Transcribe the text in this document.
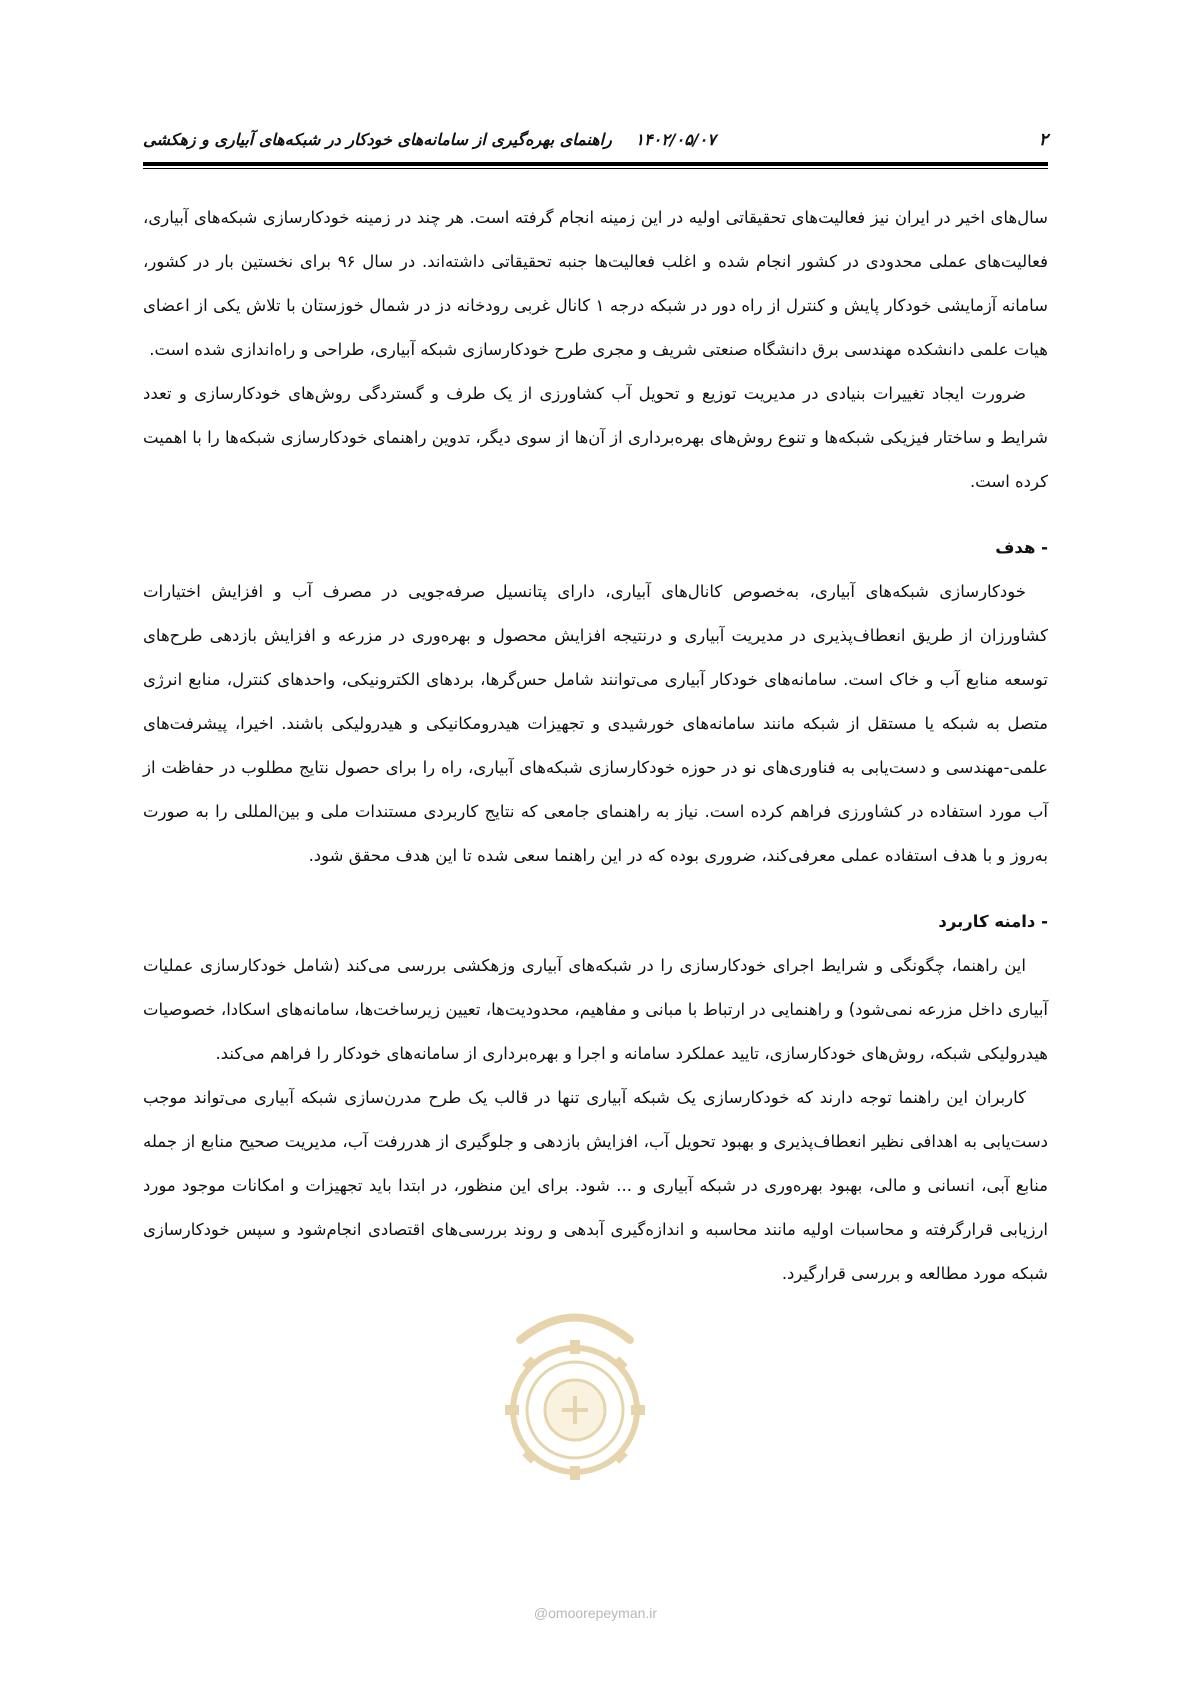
۲
۱۴۰۲/۰۵/۰۷ راهنمای بهره‌گیری از سامانه‌های خودکار در شبکه‌های آبیاری و زهکشی

سال‌های اخیر در ایران نیز فعالیت‌های تحقیقاتی اولیه در این زمینه انجام گرفته است. هر چند در زمینه خودکارسازی شبکه‌های آبیاری، فعالیت‌های عملی محدودی در کشور انجام شده و اغلب فعالیت‌ها جنبه تحقیقاتی داشته‌اند. در سال ۹۶ برای نخستین بار در کشور، سامانه آزمایشی خودکار پایش و کنترل از راه دور در شبکه درجه ۱ کانال غربی رودخانه دز در شمال خوزستان با تلاش یکی از اعضای هیات علمی دانشکده مهندسی برق دانشگاه صنعتی شریف و مجری طرح خودکارسازی شبکه آبیاری، طراحی و راه‌اندازی شده است.

ضرورت ایجاد تغییرات بنیادی در مدیریت توزیع و تحویل آب کشاورزی از یک طرف و گستردگی روش‌های خودکارسازی و تعدد شرایط و ساختار فیزیکی شبکه‌ها و تنوع روش‌های بهره‌برداری از آن‌ها از سوی دیگر، تدوین راهنمای خودکارسازی شبکه‌ها را با اهمیت کرده است.

- هدف

خودکارسازی شبکه‌های آبیاری، به‌خصوص کانال‌های آبیاری، دارای پتانسیل صرفه‌جویی در مصرف آب و افزایش اختیارات کشاورزان از طریق انعطاف‌پذیری در مدیریت آبیاری و درنتیجه افزایش محصول و بهره‌وری در مزرعه و افزایش بازدهی طرح‌های توسعه منابع آب و خاک است. سامانه‌های خودکار آبیاری می‌توانند شامل حس‌گرها، بردهای الکترونیکی، واحدهای کنترل، منابع انرژی متصل به شبکه یا مستقل از شبکه مانند سامانه‌های خورشیدی و تجهیزات هیدرومکانیکی و هیدرولیکی باشند. اخیرا، پیشرفت‌های علمی-مهندسی و دست‌یابی به فناوری‌های نو در حوزه خودکارسازی شبکه‌های آبیاری، راه را برای حصول نتایج مطلوب در حفاظت از آب مورد استفاده در کشاورزی فراهم کرده است. نیاز به راهنمای جامعی که نتایج کاربردی مستندات ملی و بین‌المللی را به صورت به‌روز و با هدف استفاده عملی معرفی‌کند، ضروری بوده که در این راهنما سعی شده تا این هدف محقق شود.

- دامنه کاربرد

این راهنما، چگونگی و شرایط اجرای خودکارسازی را در شبکه‌های آبیاری وزهکشی بررسی می‌کند (شامل خودکارسازی عملیات آبیاری داخل مزرعه نمی‌شود) و راهنمایی در ارتباط با مبانی و مفاهیم، محدودیت‌ها، تعیین زیرساخت‌ها، سامانه‌های اسکادا، خصوصیات هیدرولیکی شبکه، روش‌های خودکارسازی، تایید عملکرد سامانه و اجرا و بهره‌برداری از سامانه‌های خودکار را فراهم می‌کند.

کاربران این راهنما توجه دارند که خودکارسازی یک شبکه آبیاری تنها در قالب یک طرح مدرن‌سازی شبکه آبیاری می‌تواند موجب دست‌یابی به اهدافی نظیر انعطاف‌پذیری و بهبود تحویل آب، افزایش بازدهی و جلوگیری از هدررفت آب، مدیریت صحیح منابع از جمله منابع آبی، انسانی و مالی، بهبود بهره‌وری در شبکه آبیاری و ... شود. برای این منظور، در ابتدا باید تجهیزات و امکانات موجود مورد ارزیابی قرارگرفته و محاسبات اولیه مانند محاسبه و اندازه‌گیری آبدهی و روند بررسی‌های اقتصادی انجام‌شود و سپس خودکارسازی شبکه مورد مطالعه و بررسی قرارگیرد.

@omoorepeyman.ir
